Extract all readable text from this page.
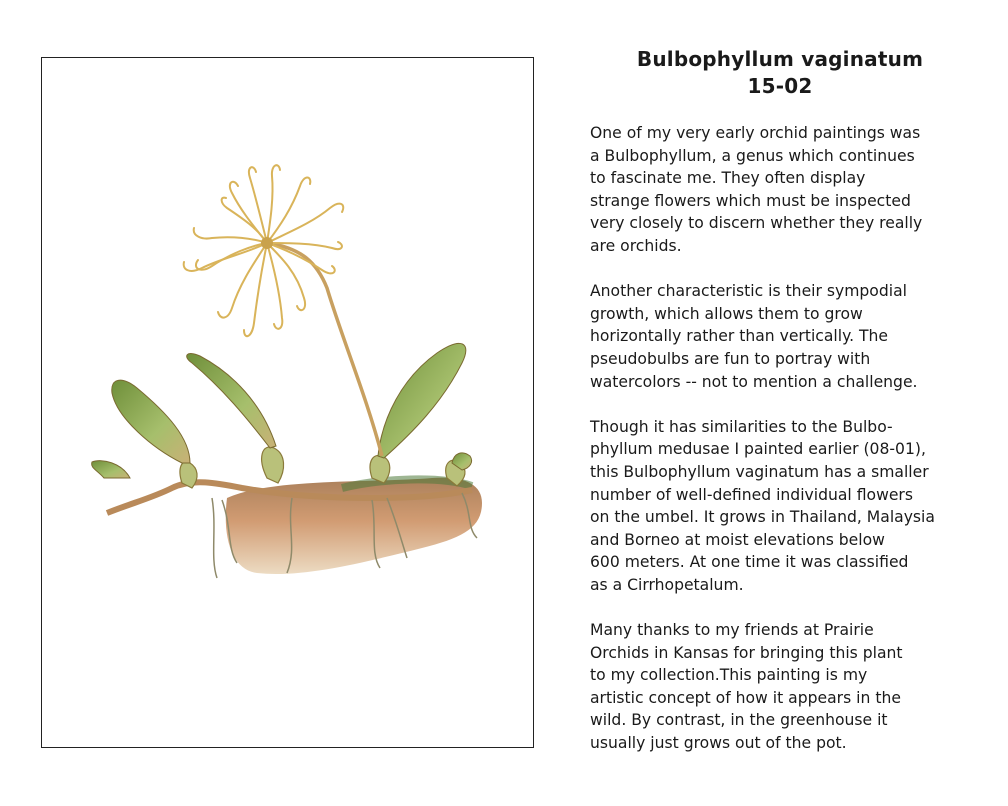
Bulbophyllum vaginatum
15-02

One of my very early orchid paintings was
a Bulbophyllum, a genus which continues
to fascinate me. They often display
strange flowers which must be inspected
very closely to discern whether they really
are orchids.

Another characteristic is their sympodial
growth, which allows them to grow
horizontally rather than vertically. The
pseudobulbs are fun to portray with
watercolors -- not to mention a challenge.

Though it has similarities to the Bulbo-
phyllum medusae I painted earlier (08-01),
this Bulbophyllum vaginatum has a smaller
number of well-defined individual flowers
on the umbel. It grows in Thailand, Malaysia
and Borneo at moist elevations below
600 meters. At one time it was classified
as a Cirrhopetalum.

Many thanks to my friends at Prairie
Orchids in Kansas for bringing this plant
to my collection.This painting is my
artistic concept of how it appears in the
wild. By contrast, in the greenhouse it
usually just grows out of the pot.
